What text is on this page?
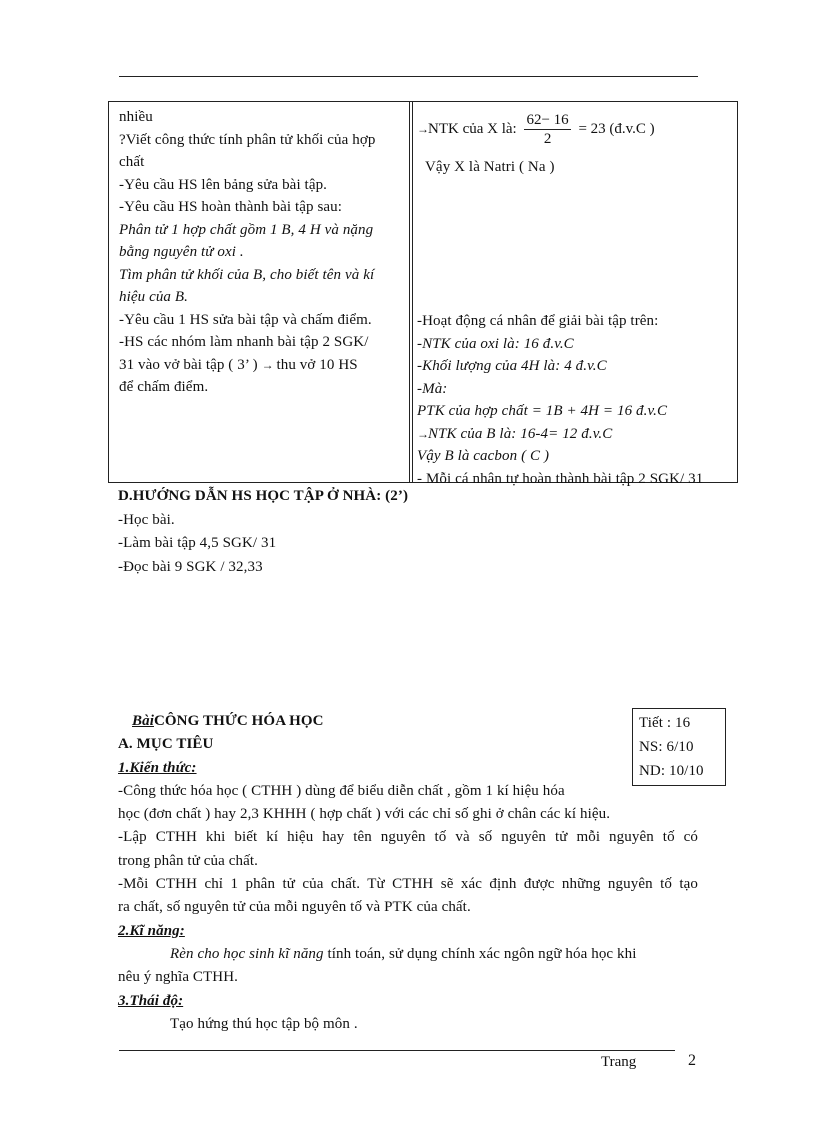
nhiều
?Viết công thức tính phân tử khối của hợp
chất
-Yêu cầu HS lên bảng sửa bài tập.
-Yêu cầu HS hoàn thành bài tập sau:
Phân tử 1 hợp chất gồm 1 B, 4 H và nặng
bằng nguyên tử oxi .
Tìm phân tử khối của B, cho biết tên và kí
hiệu của B.
-Yêu cầu 1 HS sửa bài tập và chấm điểm.
-HS các nhóm làm nhanh bài tập 2 SGK/
31 vào vở bài tập ( 3’ ) → thu vở 10 HS
để chấm điểm.
→NTK của X là: $\frac{62- 16}{2} = 23$ (đ.v.C )
Vậy X là Natri ( Na )
-Hoạt động cá nhân để giải bài tập trên:
-NTK của oxi là: 16 đ.v.C
-Khối lượng của 4H là: 4 đ.v.C
-Mà:
PTK của hợp chất = 1B + 4H = 16 đ.v.C
→NTK của B là: 16-4= 12 đ.v.C
Vậy B là cacbon ( C )
- Mỗi cá nhân tự hoàn thành bài tập 2 SGK/ 31
D.HƯỚNG DẪN HS HỌC TẬP Ở NHÀ: (2’)
-Học bài.
-Làm bài tập 4,5 SGK/ 31
-Đọc bài 9 SGK / 32,33
Tiết : 16
NS: 6/10
ND: 10/10
BàiCÔNG THỨC HÓA HỌC
A. MỤC TIÊU
1.Kiến thức:
-Công thức hóa học ( CTHH ) dùng để biểu diễn chất , gồm 1 kí hiệu hóa
học (đơn chất ) hay 2,3 KHHH ( hợp chất ) với các chỉ số ghi ở chân các kí hiệu.
-Lập CTHH khi biết kí hiệu hay tên nguyên tố và số nguyên tử mỗi nguyên tố có
trong phân tử của chất.
-Mỗi CTHH chỉ 1 phân tử của chất. Từ CTHH sẽ xác định được những nguyên tố tạo
ra chất, số nguyên tử của mỗi nguyên tố và PTK của chất.
2.Kĩ năng:
Rèn cho học sinh kĩ năng tính toán, sử dụng chính xác ngôn ngữ hóa học khi
nêu ý nghĩa CTHH.
3.Thái độ:
Tạo hứng thú học tập bộ môn .
Trang	2
